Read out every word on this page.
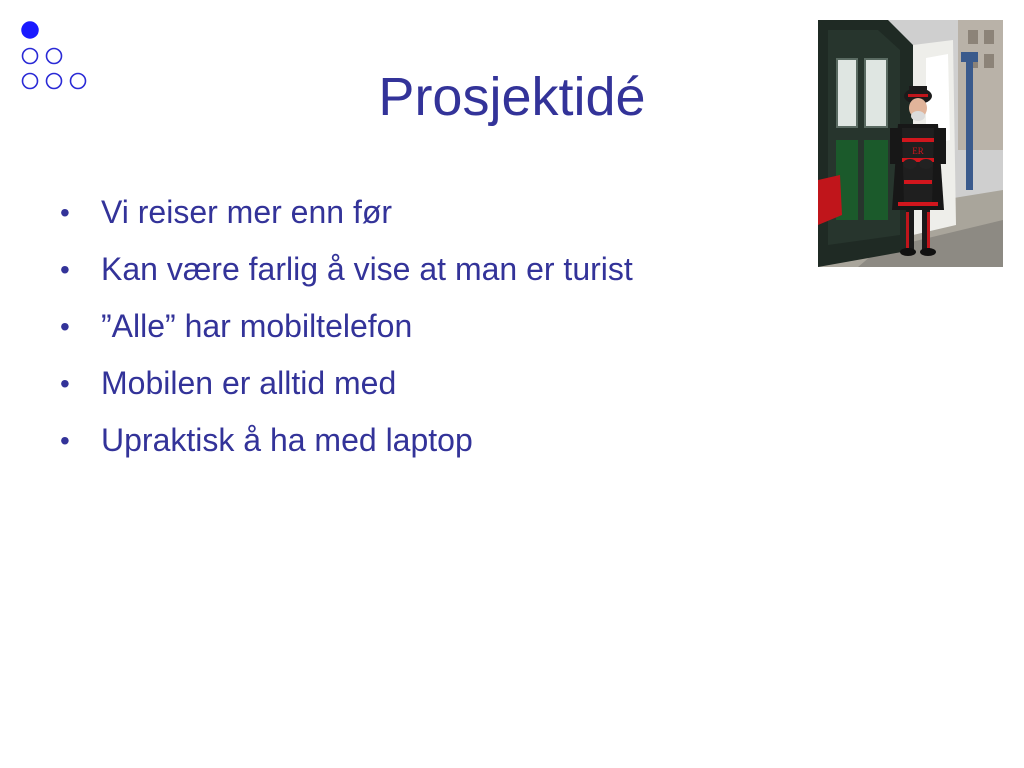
Prosjektidé
ER
• Vi reiser mer enn før
• Kan være farlig å vise at man er turist
• ”Alle” har mobiltelefon
• Mobilen er alltid med
• Upraktisk å ha med laptop
